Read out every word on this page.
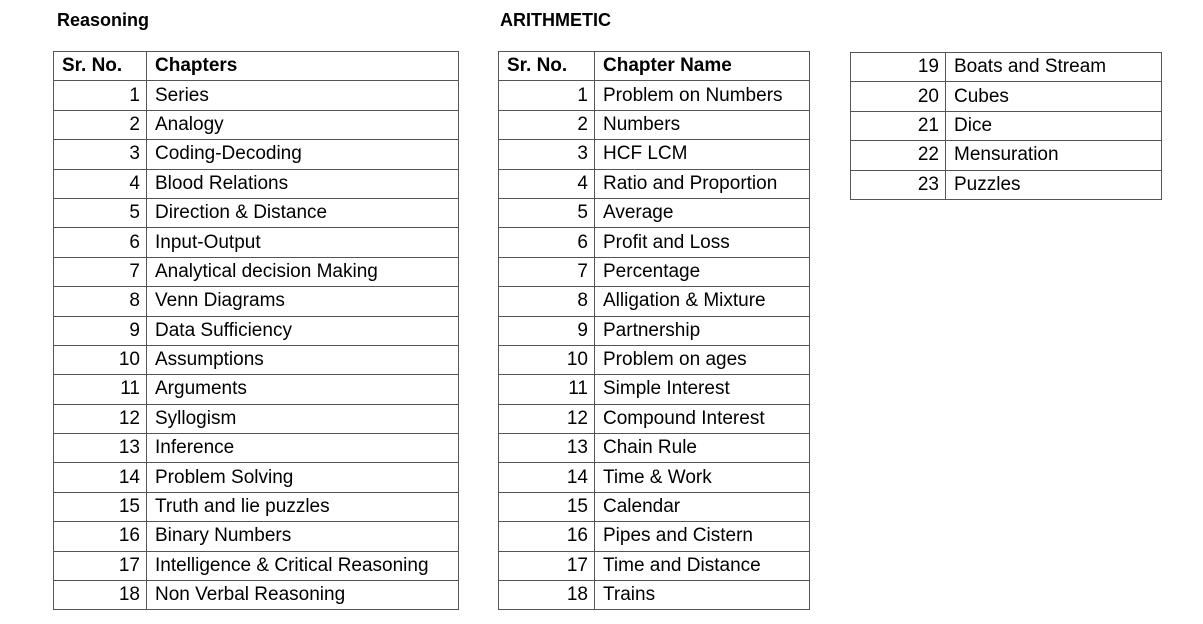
Reasoning	ARITHMETIC
Sr. No.	Chapters
1	Series
2	Analogy
3	Coding-Decoding
4	Blood Relations
5	Direction & Distance
6	Input-Output
7	Analytical decision Making
8	Venn Diagrams
9	Data Sufficiency
10	Assumptions
11	Arguments
12	Syllogism
13	Inference
14	Problem Solving
15	Truth and lie puzzles
16	Binary Numbers
17	Intelligence & Critical Reasoning
18	Non Verbal Reasoning
Sr. No.	Chapter Name
1	Problem on Numbers
2	Numbers
3	HCF LCM
4	Ratio and Proportion
5	Average
6	Profit and Loss
7	Percentage
8	Alligation & Mixture
9	Partnership
10	Problem on ages
11	Simple Interest
12	Compound Interest
13	Chain Rule
14	Time & Work
15	Calendar
16	Pipes and Cistern
17	Time and Distance
18	Trains
19	Boats and Stream
20	Cubes
21	Dice
22	Mensuration
23	Puzzles
